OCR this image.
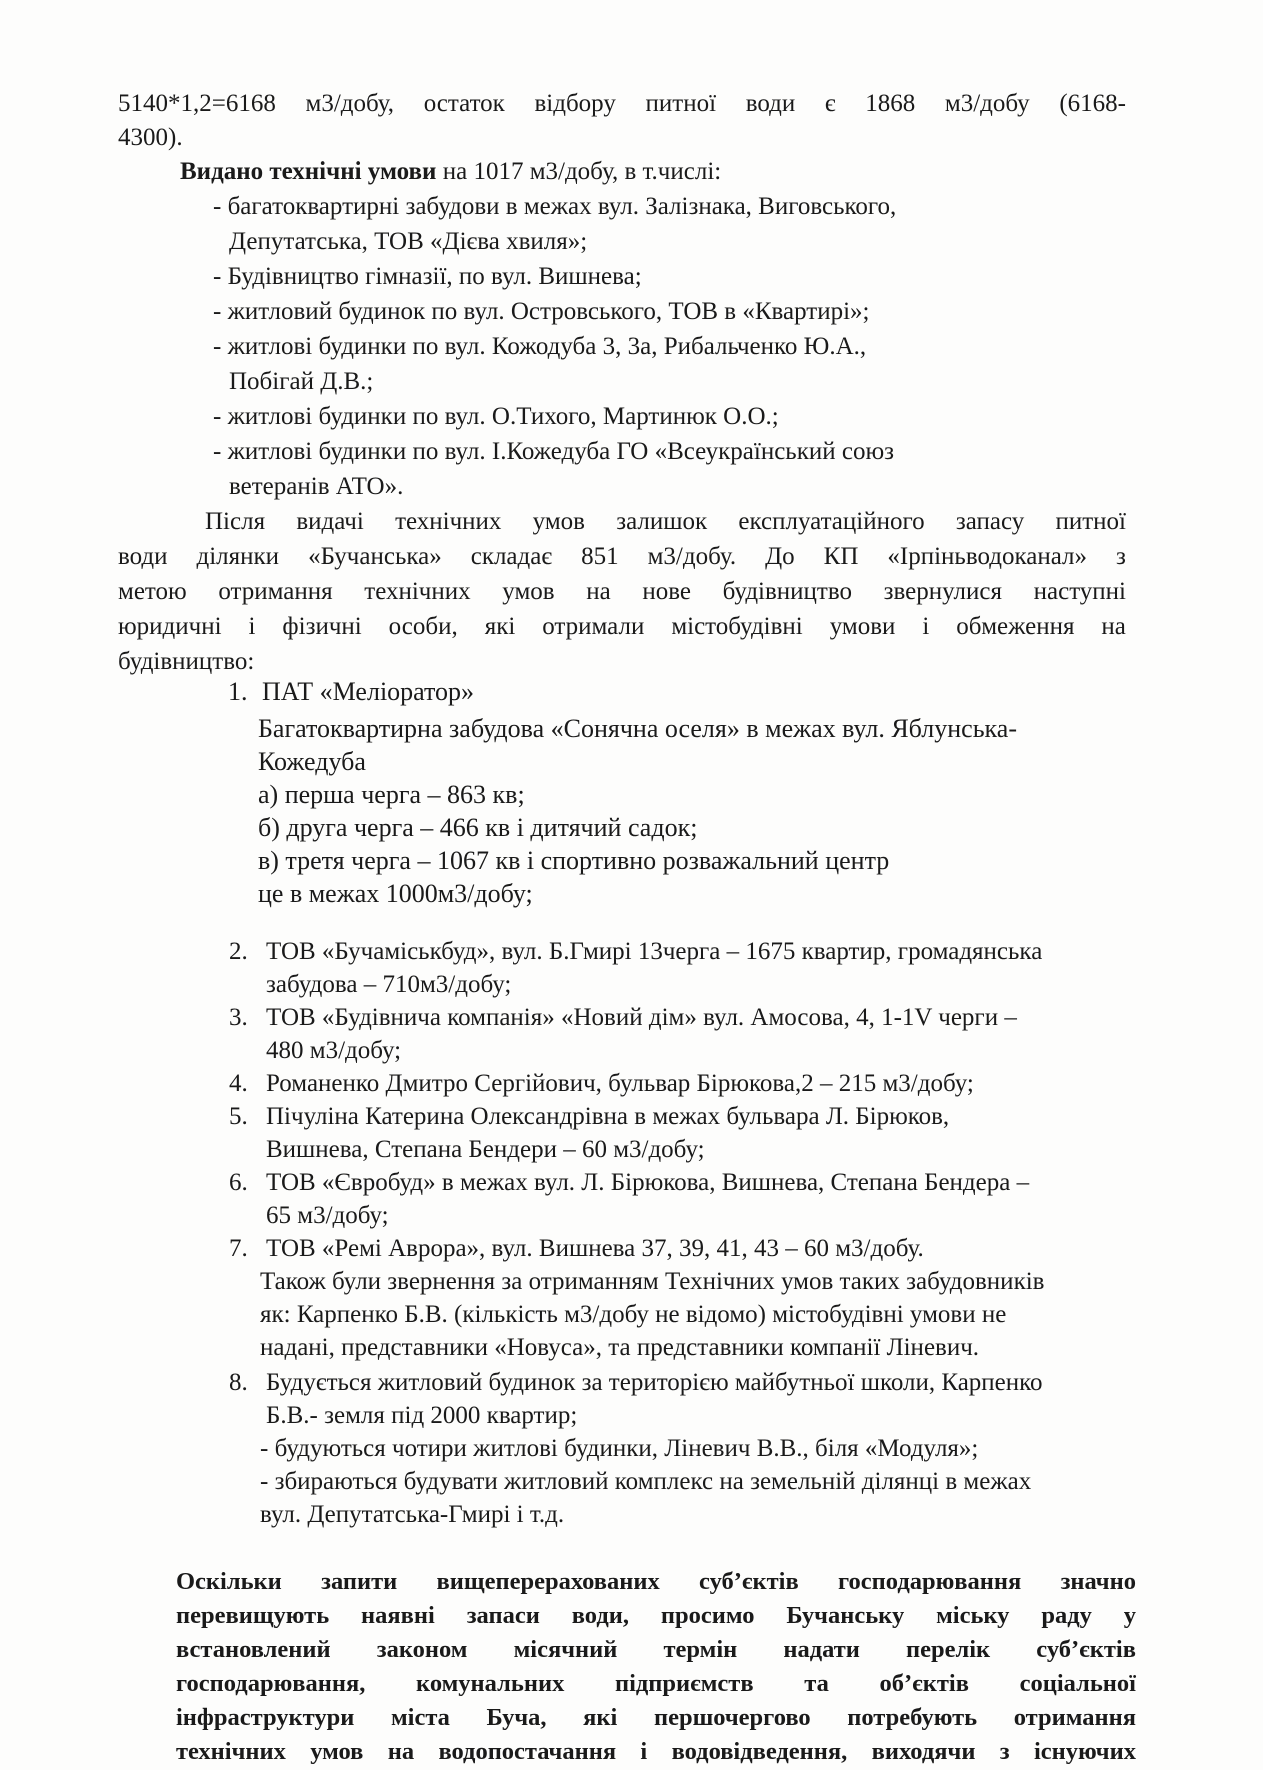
5140*1,2=6168 м3/добу, остаток відбору питної води є 1868 м3/добу (6168-
4300).
Видано технічні умови на 1017 м3/добу, в т.числі:
- багатоквартирні забудови в межах вул. Залізнака, Виговського,
Депутатська, ТОВ «Дієва хвиля»;
- Будівництво гімназії, по вул. Вишнева;
- житловий будинок по вул. Островського, ТОВ в «Квартирі»;
- житлові будинки по вул. Кожодуба 3, 3а, Рибальченко Ю.А.,
Побігай Д.В.;
- житлові будинки по вул. О.Тихого, Мартинюк О.О.;
- житлові будинки по вул. І.Кожедуба ГО «Всеукраїнський союз
ветеранів АТО».
Після видачі технічних умов залишок експлуатаційного запасу питної
води ділянки «Бучанська» складає 851 м3/добу. До КП «Ірпіньводоканал» з
метою отримання технічних умов на нове будівництво звернулися наступні
юридичні і фізичні особи, які отримали містобудівні умови і обмеження на
будівництво:
1. ПАТ «Меліоратор»
Багатоквартирна забудова «Сонячна оселя» в межах вул. Яблунська-
Кожедуба
а) перша черга – 863 кв;
б) друга черга – 466 кв і дитячий садок;
в) третя черга – 1067 кв і спортивно розважальний центр
це в межах 1000м3/добу;
2. ТОВ «Бучаміськбуд», вул. Б.Гмирі 13черга – 1675 квартир, громадянська
забудова – 710м3/добу;
3. ТОВ «Будівнича компанія» «Новий дім» вул. Амосова, 4, 1-1V черги –
480 м3/добу;
4. Романенко Дмитро Сергійович, бульвар Бірюкова,2 – 215 м3/добу;
5. Пічуліна Катерина Олександрівна в межах бульвара Л. Бірюков,
Вишнева, Степана Бендери – 60 м3/добу;
6. ТОВ «Євробуд» в межах вул. Л. Бірюкова, Вишнева, Степана Бендера –
65 м3/добу;
7. ТОВ «Ремі Аврора», вул. Вишнева 37, 39, 41, 43 – 60 м3/добу.
Також були звернення за отриманням Технічних умов таких забудовників
як: Карпенко Б.В. (кількість м3/добу не відомо) містобудівні умови не
надані, представники «Новуса», та представники компанії Ліневич.
8. Будується житловий будинок за територією майбутньої школи, Карпенко
Б.В.- земля під 2000 квартир;
- будуються чотири житлові будинки, Ліневич В.В., біля «Модуля»;
- збираються будувати житловий комплекс на земельній ділянці в межах
вул. Депутатська-Гмирі і т.д.
Оскільки запити вищеперерахованих суб’єктів господарювання значно
перевищують наявні запаси води, просимо Бучанську міську раду у
встановлений законом місячний термін надати перелік суб’єктів
господарювання, комунальних підприємств та об’єктів соціальної
інфраструктури міста Буча, які першочергово потребують отримання
технічних умов на водопостачання і водовідведення, виходячи з існуючих
